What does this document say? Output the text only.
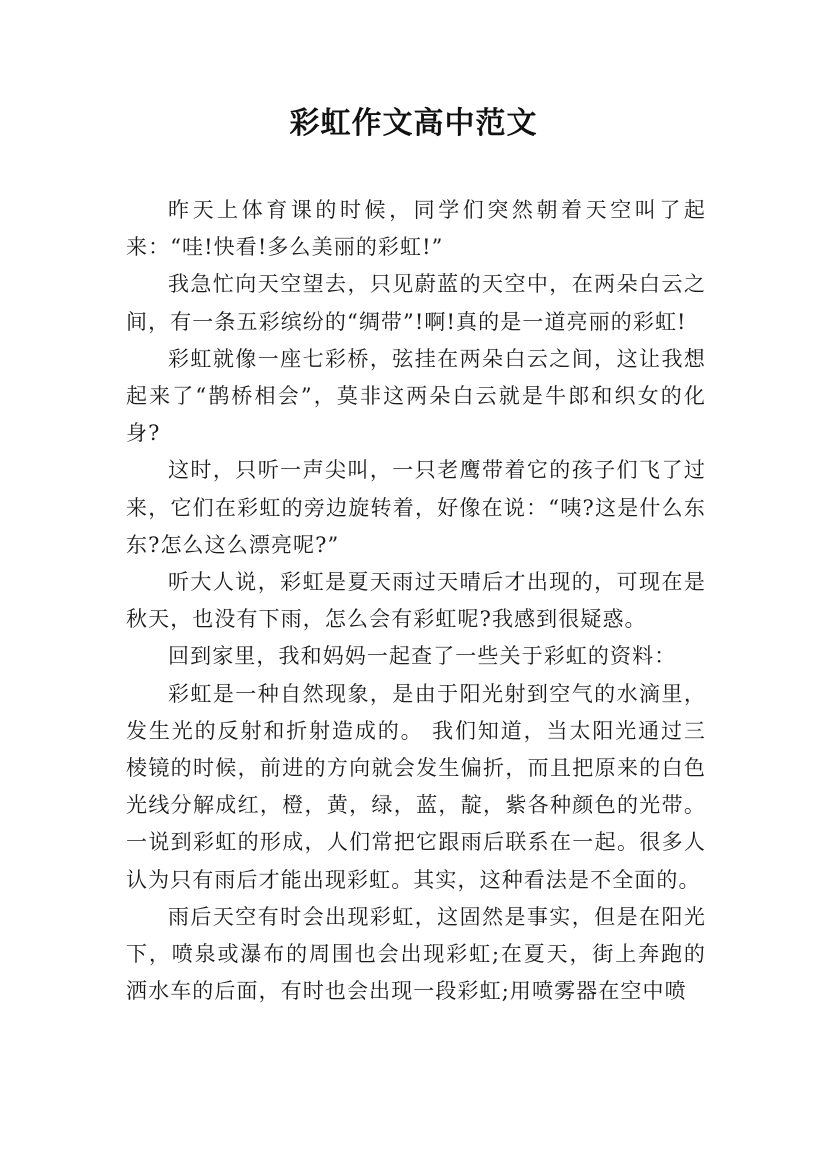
彩虹作文高中范文

昨天上体育课的时候，同学们突然朝着天空叫了起来：“哇!快看!多么美丽的彩虹!”

我急忙向天空望去，只见蔚蓝的天空中，在两朵白云之间，有一条五彩缤纷的“绸带”!啊!真的是一道亮丽的彩虹!

彩虹就像一座七彩桥，弦挂在两朵白云之间，这让我想起来了“鹊桥相会”，莫非这两朵白云就是牛郎和织女的化身?

这时，只听一声尖叫，一只老鹰带着它的孩子们飞了过来，它们在彩虹的旁边旋转着，好像在说：“咦?这是什么东东?怎么这么漂亮呢?”

听大人说，彩虹是夏天雨过天晴后才出现的，可现在是秋天，也没有下雨，怎么会有彩虹呢?我感到很疑惑。

回到家里，我和妈妈一起查了一些关于彩虹的资料：

彩虹是一种自然现象，是由于阳光射到空气的水滴里，发生光的反射和折射造成的。 我们知道，当太阳光通过三棱镜的时候，前进的方向就会发生偏折，而且把原来的白色光线分解成红，橙，黄，绿，蓝，靛，紫各种颜色的光带。一说到彩虹的形成，人们常把它跟雨后联系在一起。很多人认为只有雨后才能出现彩虹。其实，这种看法是不全面的。

雨后天空有时会出现彩虹，这固然是事实，但是在阳光下，喷泉或瀑布的周围也会出现彩虹;在夏天，街上奔跑的洒水车的后面，有时也会出现一段彩虹;用喷雾器在空中喷
